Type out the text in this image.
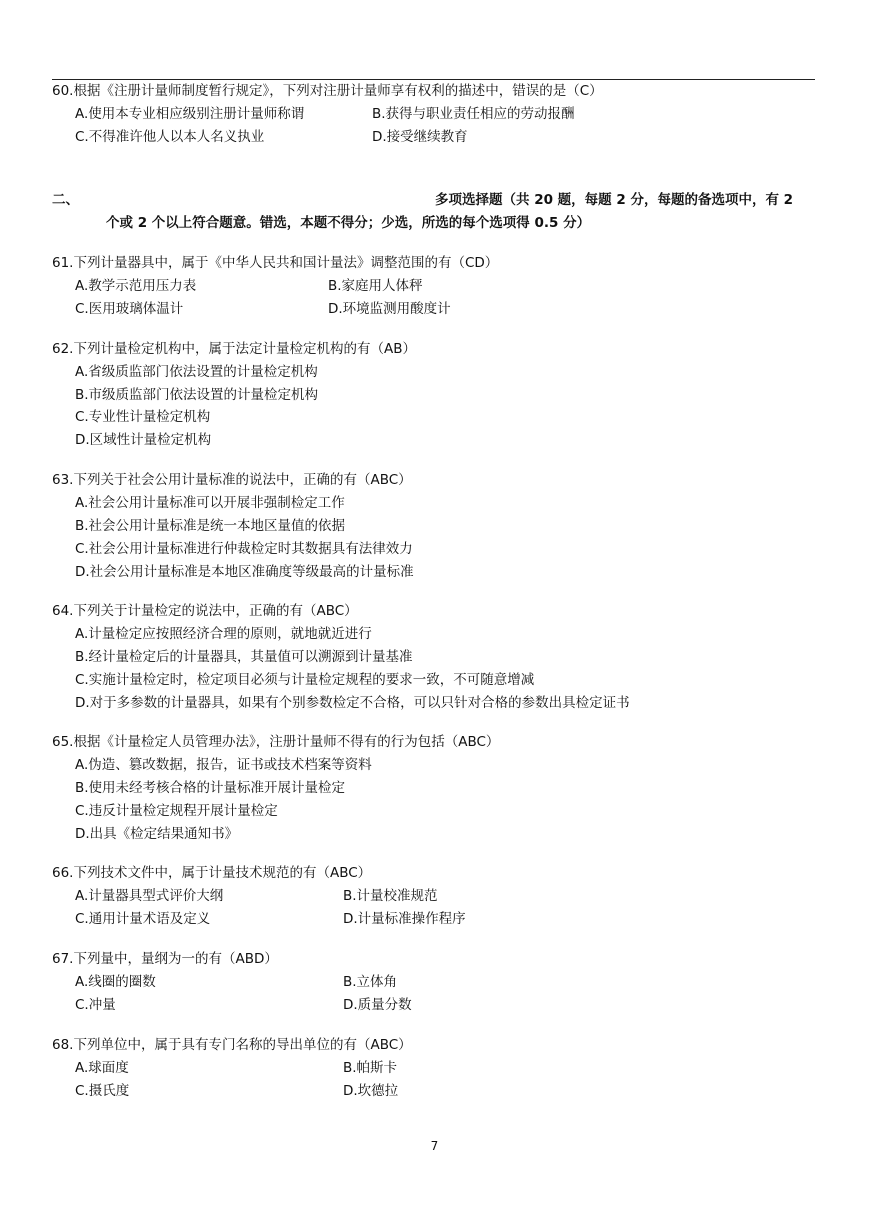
60.根据《注册计量师制度暂行规定》，下列对注册计量师享有权利的描述中，错误的是（C）
A.使用本专业相应级别注册计量师称谓	B.获得与职业责任相应的劳动报酬
C.不得准许他人以本人名义执业	D.接受继续教育
二、	多项选择题（共 20 题，每题 2 分，每题的备选项中，有 2
个或 2 个以上符合题意。错选，本题不得分；少选，所选的每个选项得 0.5 分）
61.下列计量器具中，属于《中华人民共和国计量法》调整范围的有（CD）
A.教学示范用压力表	B.家庭用人体秤
C.医用玻璃体温计	D.环境监测用酸度计
62.下列计量检定机构中，属于法定计量检定机构的有（AB）
A.省级质监部门依法设置的计量检定机构
B.市级质监部门依法设置的计量检定机构
C.专业性计量检定机构
D.区域性计量检定机构
63.下列关于社会公用计量标准的说法中，正确的有（ABC）
A.社会公用计量标准可以开展非强制检定工作
B.社会公用计量标准是统一本地区量值的依据
C.社会公用计量标准进行仲裁检定时其数据具有法律效力
D.社会公用计量标准是本地区准确度等级最高的计量标准
64.下列关于计量检定的说法中，正确的有（ABC）
A.计量检定应按照经济合理的原则，就地就近进行
B.经计量检定后的计量器具，其量值可以溯源到计量基准
C.实施计量检定时，检定项目必须与计量检定规程的要求一致，不可随意增减
D.对于多参数的计量器具，如果有个别参数检定不合格，可以只针对合格的参数出具检定证书
65.根据《计量检定人员管理办法》，注册计量师不得有的行为包括（ABC）
A.伪造、篡改数据，报告，证书或技术档案等资料
B.使用未经考核合格的计量标准开展计量检定
C.违反计量检定规程开展计量检定
D.出具《检定结果通知书》
66.下列技术文件中，属于计量技术规范的有（ABC）
A.计量器具型式评价大纲	B.计量校准规范
C.通用计量术语及定义	D.计量标准操作程序
67.下列量中，量纲为一的有（ABD）
A.线圈的圈数	B.立体角
C.冲量	D.质量分数
68.下列单位中，属于具有专门名称的导出单位的有（ABC）
A.球面度	B.帕斯卡
C.摄氏度	D.坎德拉
7
